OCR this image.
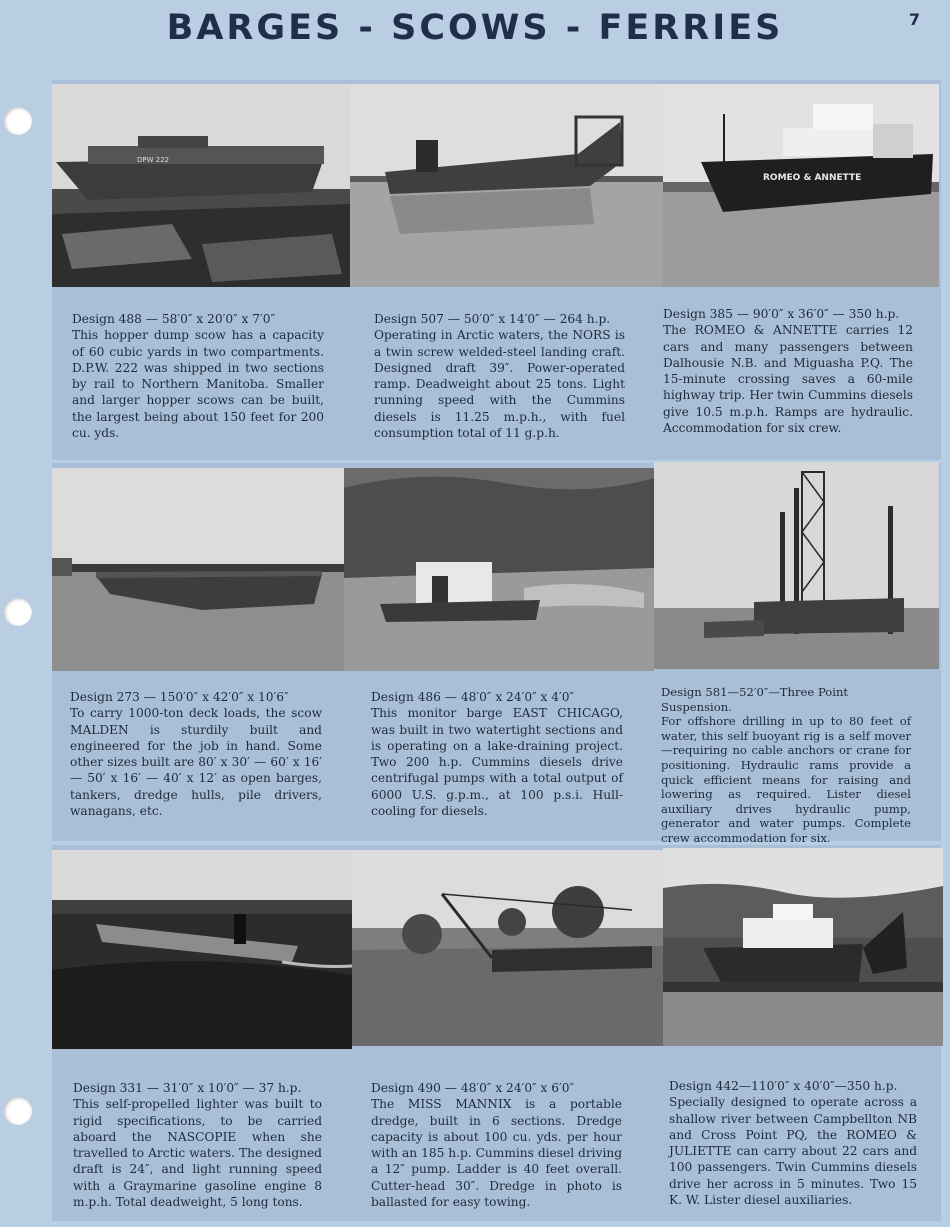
BARGES - SCOWS - FERRIES	7
DPW 222
ROMEO & ANNETTE
Design 488 — 58′0″ x 20′0″ x 7′0″
This hopper dump scow has a capacity of 60 cubic yards in two compartments. D.P.W. 222 was shipped in two sections by rail to Northern Manitoba. Smaller and larger hopper scows can be built, the largest being about 150 feet for 200 cu. yds.
Design 507 — 50′0″ x 14′0″ — 264 h.p.
Operating in Arctic waters, the NORS is a twin screw welded-steel landing craft. Designed draft 39″. Power-operated ramp. Deadweight about 25 tons. Light running speed with the Cummins diesels is 11.25 m.p.h., with fuel consumption total of 11 g.p.h.
Design 385 — 90′0″ x 36′0″ — 350 h.p.
The ROMEO & ANNETTE carries 12 cars and many passengers between Dalhousie N.B. and Miguasha P.Q. The 15-minute crossing saves a 60-mile highway trip. Her twin Cummins diesels give 10.5 m.p.h. Ramps are hydraulic. Accommodation for six crew.
Design 273 — 150′0″ x 42′0″ x 10′6″
To carry 1000-ton deck loads, the scow MALDEN is sturdily built and engineered for the job in hand. Some other sizes built are 80′ x 30′ — 60′ x 16′ — 50′ x 16′ — 40′ x 12′ as open barges, tankers, dredge hulls, pile drivers, wanagans, etc.
Design 486 — 48′0″ x 24′0″ x 4′0″
This monitor barge EAST CHICAGO, was built in two watertight sections and is operating on a lake-draining project. Two 200 h.p. Cummins diesels drive centrifugal pumps with a total output of 6000 U.S. g.p.m., at 100 p.s.i. Hull-cooling for diesels.
Design 581—52′0″—Three Point Suspension.
For offshore drilling in up to 80 feet of water, this self buoyant rig is a self mover—requiring no cable anchors or crane for positioning. Hydraulic rams provide a quick efficient means for raising and lowering as required. Lister diesel auxiliary drives hydraulic pump, generator and water pumps. Complete crew accommodation for six.
Design 331 — 31′0″ x 10′0″ — 37 h.p.
This self-propelled lighter was built to rigid specifications, to be carried aboard the NASCOPIE when she travelled to Arctic waters. The designed draft is 24″, and light running speed with a Graymarine gasoline engine 8 m.p.h. Total deadweight, 5 long tons.
Design 490 — 48′0″ x 24′0″ x 6′0″
The MISS MANNIX is a portable dredge, built in 6 sections. Dredge capacity is about 100 cu. yds. per hour with an 185 h.p. Cummins diesel driving a 12″ pump. Ladder is 40 feet overall. Cutter-head 30″. Dredge in photo is ballasted for easy towing.
Design 442—110′0″ x 40′0″—350 h.p.
Specially designed to operate across a shallow river between Campbellton NB and Cross Point PQ, the ROMEO & JULIETTE can carry about 22 cars and 100 passengers. Twin Cummins diesels drive her across in 5 minutes. Two 15 K. W. Lister diesel auxiliaries.
